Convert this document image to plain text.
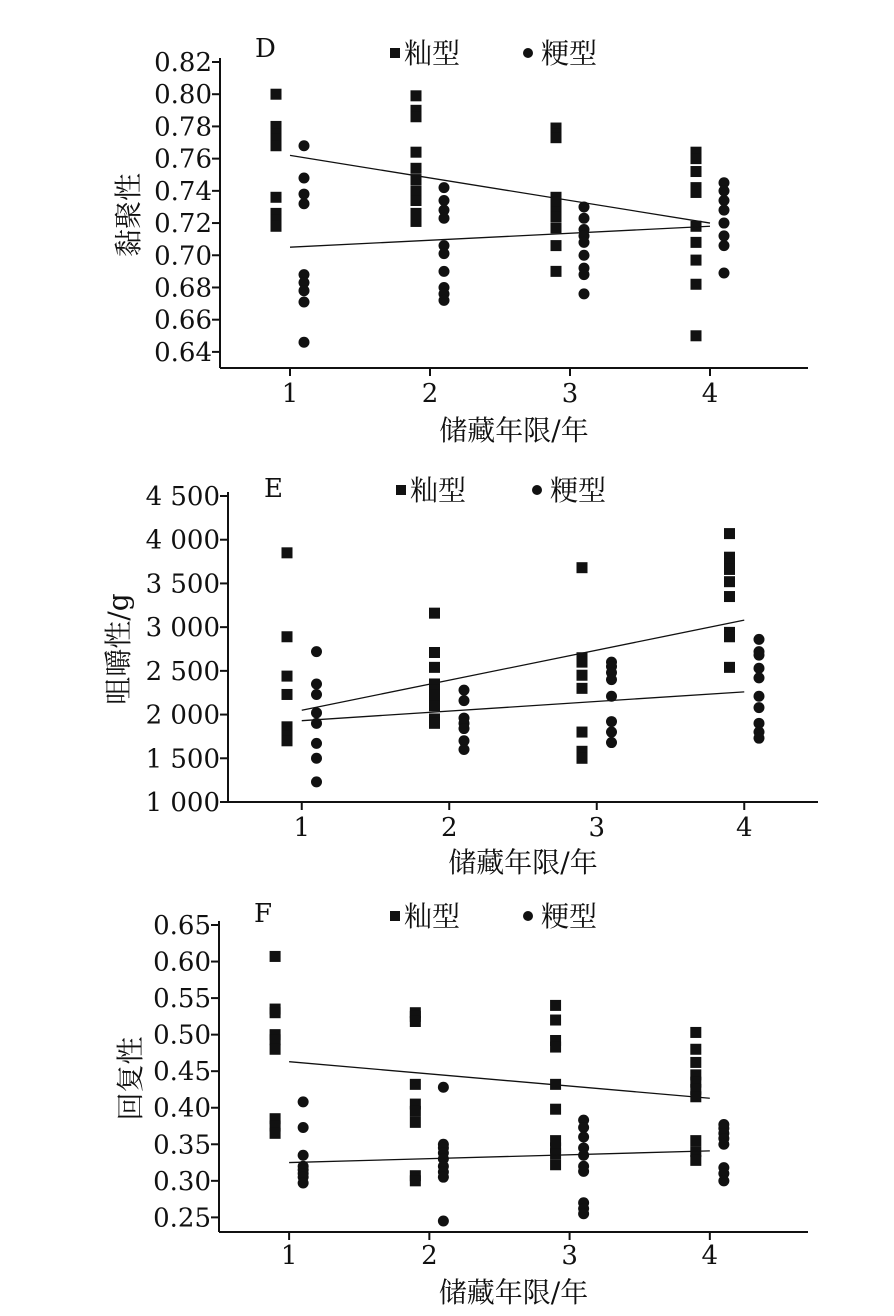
0.64
0.66
0.68
0.70
0.72
0.74
0.76
0.78
0.80
0.82
1	2	3	4
储藏年限/年
黏聚性
D	籼型	粳型
1 000
1 500
2 000
2 500
3 000
3 500
4 000
4 500
1	2	3	4
储藏年限/年
咀嚼性/g
E	籼型	粳型
0.25
0.30
0.35
0.40
0.45
0.50
0.55
0.60
0.65
1	2	3	4
储藏年限/年
回复性
F	籼型	粳型
